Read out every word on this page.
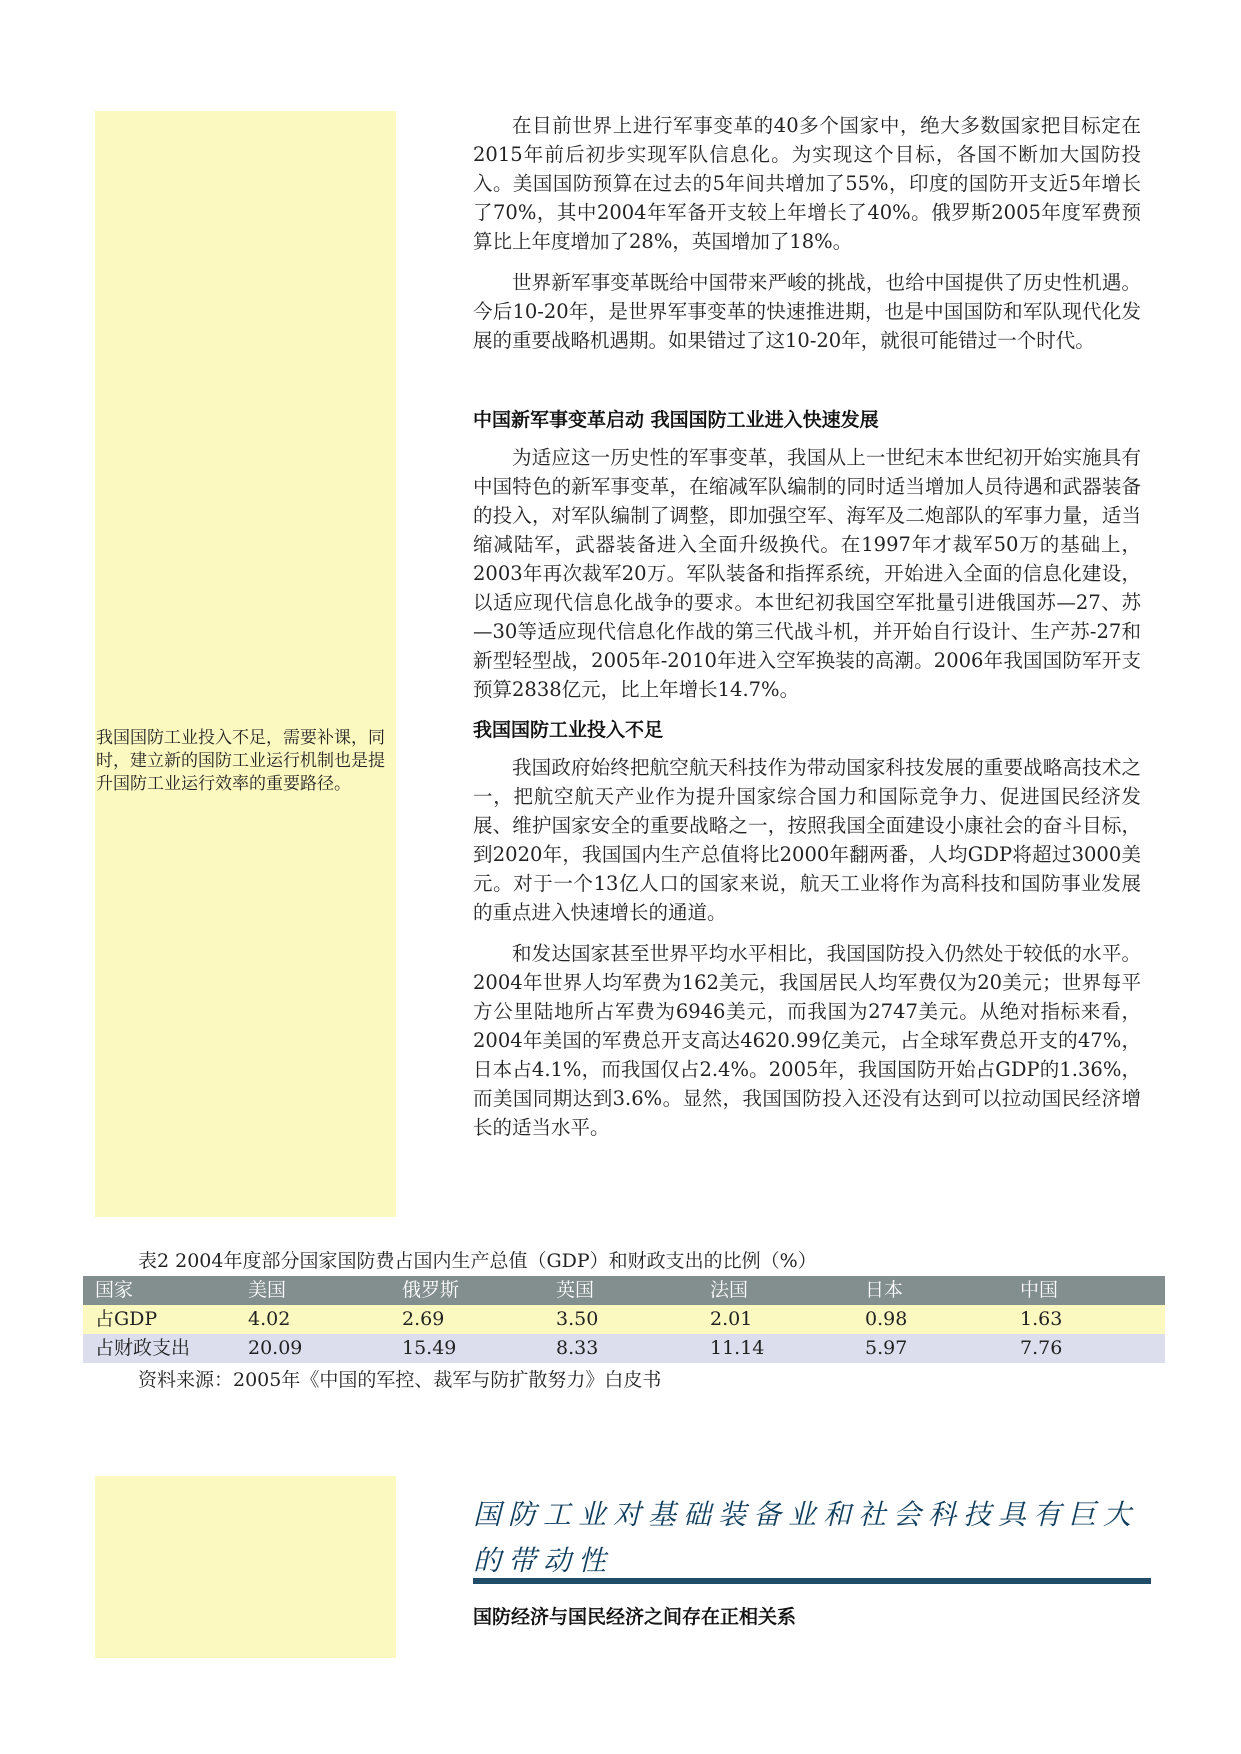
我国国防工业投入不足，需要补课，同时，建立新的国防工业运行机制也是提升国防工业运行效率的重要路径。

在目前世界上进行军事变革的40多个国家中，绝大多数国家把目标定在2015年前后初步实现军队信息化。为实现这个目标，各国不断加大国防投入。美国国防预算在过去的5年间共增加了55%，印度的国防开支近5年增长了70%，其中2004年军备开支较上年增长了40%。俄罗斯2005年度军费预算比上年度增加了28%，英国增加了18%。

世界新军事变革既给中国带来严峻的挑战，也给中国提供了历史性机遇。今后10-20年，是世界军事变革的快速推进期，也是中国国防和军队现代化发展的重要战略机遇期。如果错过了这10-20年，就很可能错过一个时代。

中国新军事变革启动 我国国防工业进入快速发展

为适应这一历史性的军事变革，我国从上一世纪末本世纪初开始实施具有中国特色的新军事变革，在缩减军队编制的同时适当增加人员待遇和武器装备的投入，对军队编制了调整，即加强空军、海军及二炮部队的军事力量，适当缩减陆军，武器装备进入全面升级换代。在1997年才裁军50万的基础上，2003年再次裁军20万。军队装备和指挥系统，开始进入全面的信息化建设，以适应现代信息化战争的要求。本世纪初我国空军批量引进俄国苏—27、苏—30等适应现代信息化作战的第三代战斗机，并开始自行设计、生产苏-27和新型轻型战，2005年-2010年进入空军换装的高潮。2006年我国国防军开支预算2838亿元，比上年增长14.7%。

我国国防工业投入不足

我国政府始终把航空航天科技作为带动国家科技发展的重要战略高技术之一，把航空航天产业作为提升国家综合国力和国际竞争力、促进国民经济发展、维护国家安全的重要战略之一，按照我国全面建设小康社会的奋斗目标，到2020年，我国国内生产总值将比2000年翻两番，人均GDP将超过3000美元。对于一个13亿人口的国家来说，航天工业将作为高科技和国防事业发展的重点进入快速增长的通道。

和发达国家甚至世界平均水平相比，我国国防投入仍然处于较低的水平。2004年世界人均军费为162美元，我国居民人均军费仅为20美元；世界每平方公里陆地所占军费为6946美元，而我国为2747美元。从绝对指标来看，2004年美国的军费总开支高达4620.99亿美元，占全球军费总开支的47%，日本占4.1%，而我国仅占2.4%。2005年，我国国防开始占GDP的1.36%，而美国同期达到3.6%。显然，我国国防投入还没有达到可以拉动国民经济增长的适当水平。

表2 2004年度部分国家国防费占国内生产总值（GDP）和财政支出的比例（%）
国家	美国	俄罗斯	英国	法国	日本	中国
占GDP	4.02	2.69	3.50	2.01	0.98	1.63
占财政支出	20.09	15.49	8.33	11.14	5.97	7.76
资料来源：2005年《中国的军控、裁军与防扩散努力》白皮书
国防工业对基础装备业和社会科技具有巨大的带动性
国防经济与国民经济之间存在正相关系
